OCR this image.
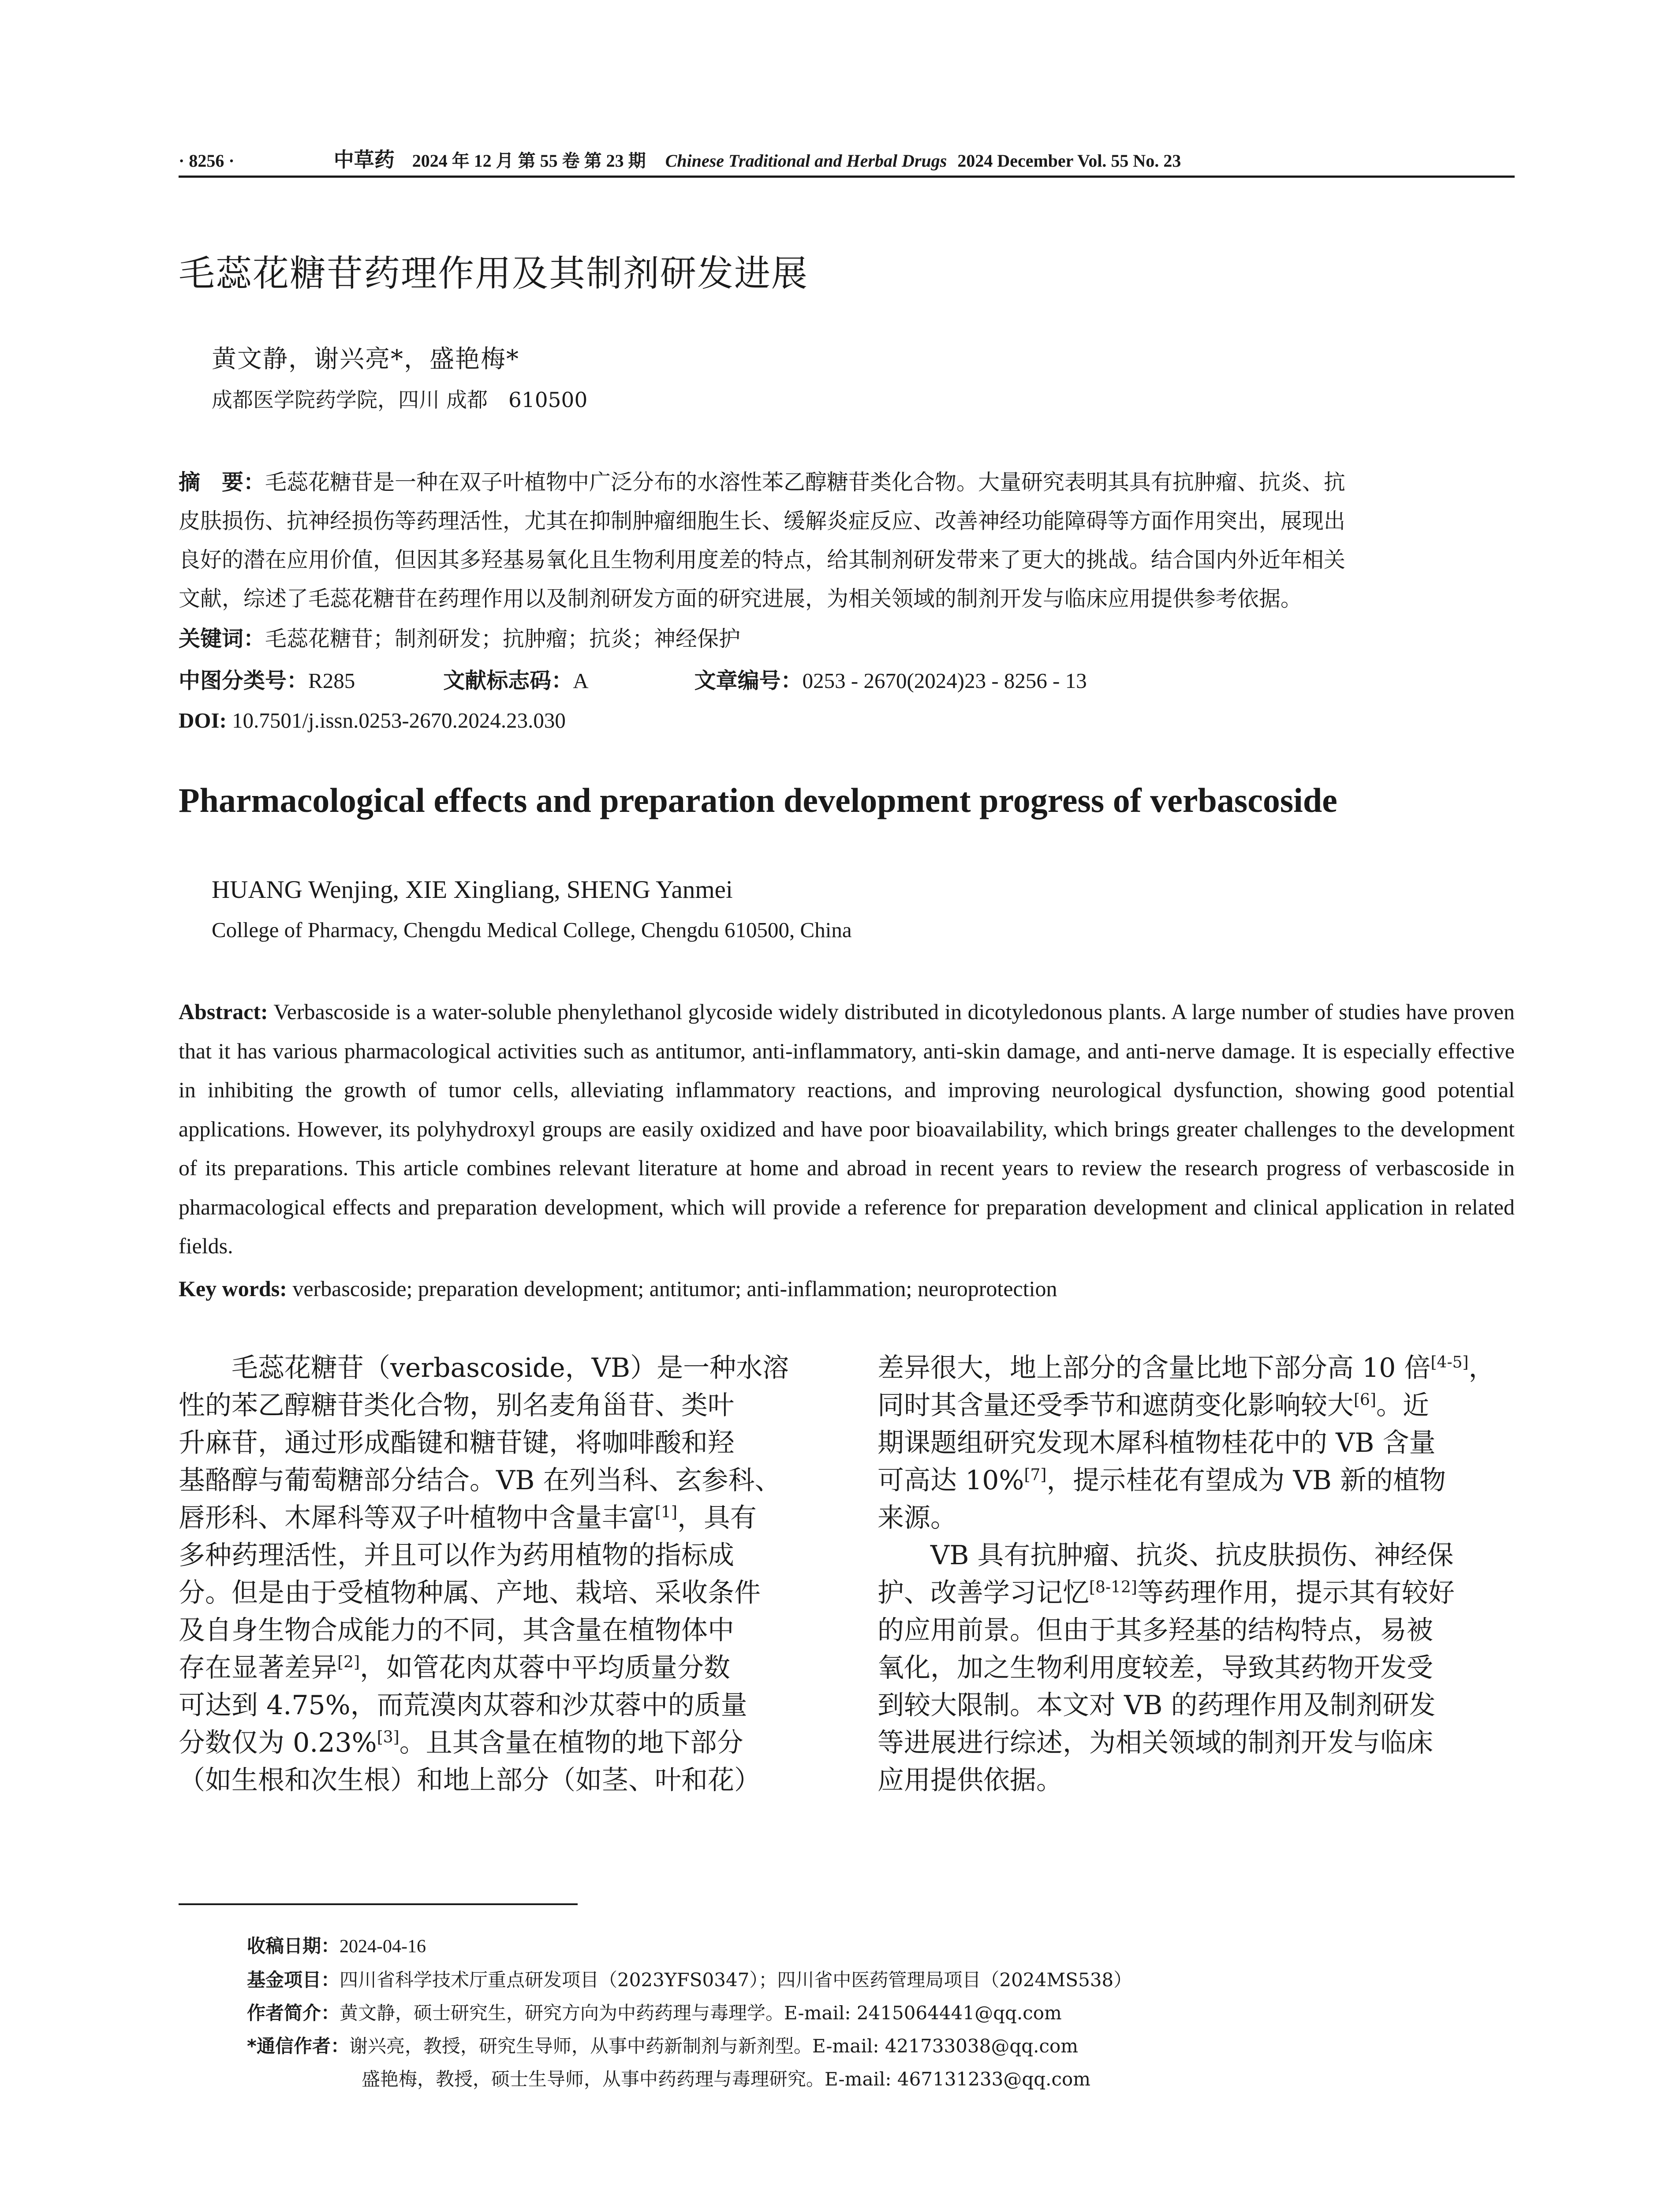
· 8256 ·	中草药 2024 年 12 月 第 55 卷 第 23 期 Chinese Traditional and Herbal Drugs 2024 December Vol. 55 No. 23
毛蕊花糖苷药理作用及其制剂研发进展
黄文静，谢兴亮*，盛艳梅*
成都医学院药学院，四川 成都　610500
摘　要：毛蕊花糖苷是一种在双子叶植物中广泛分布的水溶性苯乙醇糖苷类化合物。大量研究表明其具有抗肿瘤、抗炎、抗
皮肤损伤、抗神经损伤等药理活性，尤其在抑制肿瘤细胞生长、缓解炎症反应、改善神经功能障碍等方面作用突出，展现出
良好的潜在应用价值，但因其多羟基易氧化且生物利用度差的特点，给其制剂研发带来了更大的挑战。结合国内外近年相关
文献，综述了毛蕊花糖苷在药理作用以及制剂研发方面的研究进展，为相关领域的制剂开发与临床应用提供参考依据。
关键词：毛蕊花糖苷；制剂研发；抗肿瘤；抗炎；神经保护
中图分类号：R285	文献标志码：A	文章编号：0253 - 2670(2024)23 - 8256 - 13
DOI: 10.7501/j.issn.0253-2670.2024.23.030
Pharmacological effects and preparation development progress of verbascoside
HUANG Wenjing, XIE Xingliang, SHENG Yanmei
College of Pharmacy, Chengdu Medical College, Chengdu 610500, China
Abstract: Verbascoside is a water-soluble phenylethanol glycoside widely distributed in dicotyledonous plants. A large number of studies have proven that it has various pharmacological activities such as antitumor, anti-inflammatory, anti-skin damage, and anti-nerve damage. It is especially effective in inhibiting the growth of tumor cells, alleviating inflammatory reactions, and improving neurological dysfunction, showing good potential applications. However, its polyhydroxyl groups are easily oxidized and have poor bioavailability, which brings greater challenges to the development of its preparations. This article combines relevant literature at home and abroad in recent years to review the research progress of verbascoside in pharmacological effects and preparation development, which will provide a reference for preparation development and clinical application in related fields.
Key words: verbascoside; preparation development; antitumor; anti-inflammation; neuroprotection
毛蕊花糖苷（verbascoside，VB）是一种水溶
性的苯乙醇糖苷类化合物，别名麦角甾苷、类叶
升麻苷，通过形成酯键和糖苷键，将咖啡酸和羟
基酪醇与葡萄糖部分结合。VB 在列当科、玄参科、
唇形科、木犀科等双子叶植物中含量丰富[1]，具有
多种药理活性，并且可以作为药用植物的指标成
分。但是由于受植物种属、产地、栽培、采收条件
及自身生物合成能力的不同，其含量在植物体中
存在显著差异[2]，如管花肉苁蓉中平均质量分数
可达到 4.75%，而荒漠肉苁蓉和沙苁蓉中的质量
分数仅为 0.23%[3]。且其含量在植物的地下部分
（如生根和次生根）和地上部分（如茎、叶和花）
差异很大，地上部分的含量比地下部分高 10 倍[4-5]，
同时其含量还受季节和遮荫变化影响较大[6]。近
期课题组研究发现木犀科植物桂花中的 VB 含量
可高达 10%[7]，提示桂花有望成为 VB 新的植物
来源。
VB 具有抗肿瘤、抗炎、抗皮肤损伤、神经保
护、改善学习记忆[8-12]等药理作用，提示其有较好
的应用前景。但由于其多羟基的结构特点，易被
氧化，加之生物利用度较差，导致其药物开发受
到较大限制。本文对 VB 的药理作用及制剂研发
等进展进行综述，为相关领域的制剂开发与临床
应用提供依据。
收稿日期：2024-04-16
基金项目：四川省科学技术厅重点研发项目（2023YFS0347）；四川省中医药管理局项目（2024MS538）
作者简介：黄文静，硕士研究生，研究方向为中药药理与毒理学。E-mail: 2415064441@qq.com
*通信作者：谢兴亮，教授，研究生导师，从事中药新制剂与新剂型。E-mail: 421733038@qq.com
盛艳梅，教授，硕士生导师，从事中药药理与毒理研究。E-mail: 467131233@qq.com
